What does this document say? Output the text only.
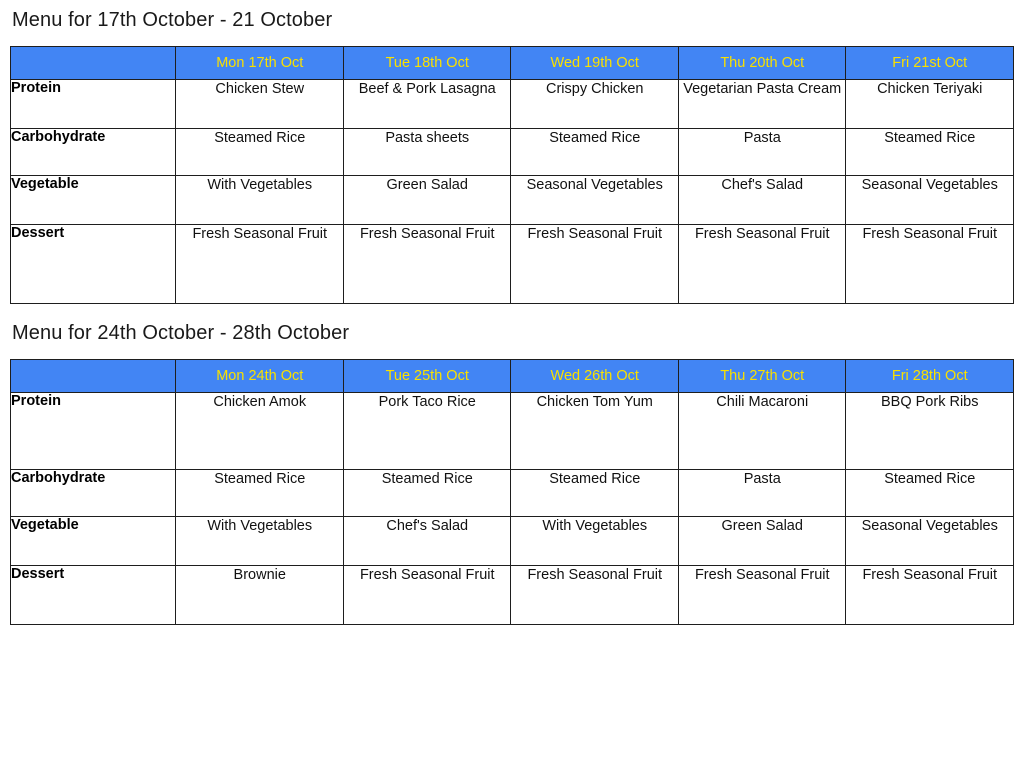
Menu for 17th October - 21 October
	Mon 17th Oct	Tue 18th Oct	Wed 19th Oct	Thu 20th Oct	Fri 21st Oct
Protein	Chicken Stew	Beef & Pork Lasagna	Crispy Chicken	Vegetarian Pasta Cream	Chicken Teriyaki
Carbohydrate	Steamed Rice	Pasta sheets	Steamed Rice	Pasta	Steamed Rice
Vegetable	With Vegetables	Green Salad	Seasonal Vegetables	Chef's Salad	Seasonal Vegetables
Dessert	Fresh Seasonal Fruit	Fresh Seasonal Fruit	Fresh Seasonal Fruit	Fresh Seasonal Fruit	Fresh Seasonal Fruit
Menu for 24th October - 28th October
	Mon 24th Oct	Tue 25th Oct	Wed 26th Oct	Thu 27th Oct	Fri 28th Oct
Protein	Chicken Amok	Pork Taco Rice	Chicken Tom Yum	Chili Macaroni	BBQ Pork Ribs
Carbohydrate	Steamed Rice	Steamed Rice	Steamed Rice	Pasta	Steamed Rice
Vegetable	With Vegetables	Chef's Salad	With Vegetables	Green Salad	Seasonal Vegetables
Dessert	Brownie	Fresh Seasonal Fruit	Fresh Seasonal Fruit	Fresh Seasonal Fruit	Fresh Seasonal Fruit
